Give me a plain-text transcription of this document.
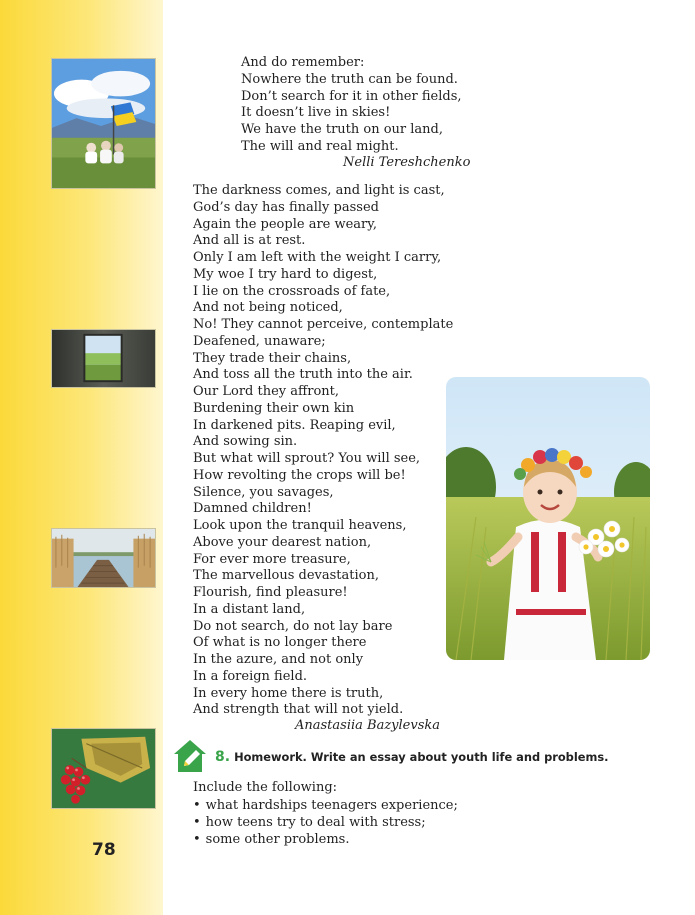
78
And do remember:
Nowhere the truth can be found.
Don’t search for it in other fields,
It doesn’t live in skies!
We have the truth on our land,
The will and real might.
Nelli Tereshchenko
The darkness comes, and light is cast,
God’s day has finally passed
Again the people are weary,
And all is at rest.
Only I am left with the weight I carry,
My woe I try hard to digest,
I lie on the crossroads of fate,
And not being noticed,
No! They cannot perceive, contemplate
Deafened, unaware;
They trade their chains,
And toss all the truth into the air.
Our Lord they affront,
Burdening their own kin
In darkened pits. Reaping evil,
And sowing sin.
But what will sprout? You will see,
How revolting the crops will be!
Silence, you savages,
Damned children!
Look upon the tranquil heavens,
Above your dearest nation,
For ever more treasure,
The marvellous devastation,
Flourish, find pleasure!
In a distant land,
Do not search, do not lay bare
Of what is no longer there
In the azure, and not only
In a foreign field.
In every home there is truth,
And strength that will not yield.
Anastasiia Bazylevska
8. Homework. Write an essay about youth life and problems.
Include the following:
• what hardships teenagers experience;
• how teens try to deal with stress;
• some other problems.
